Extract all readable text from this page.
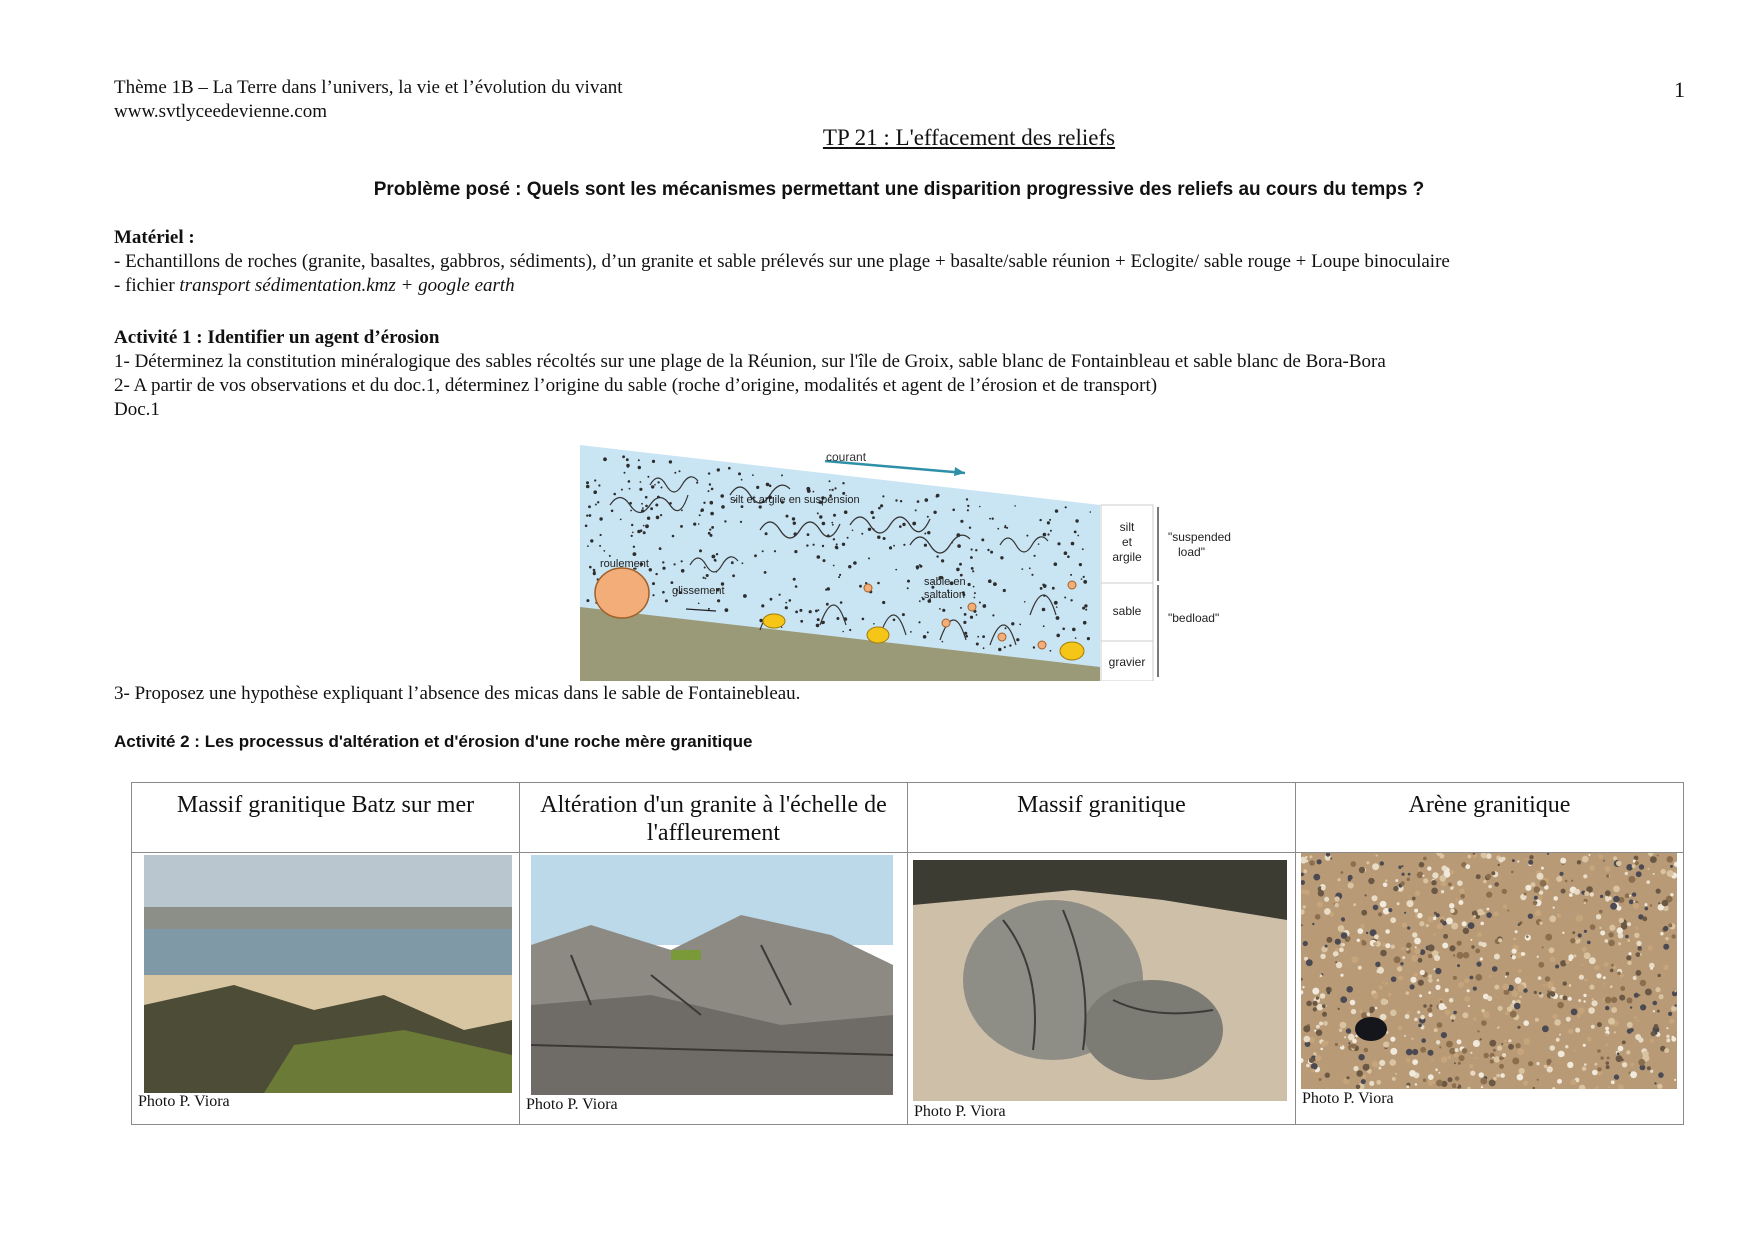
Thème 1B – La Terre dans l’univers, la vie et l’évolution du vivant
www.svtlyceedevienne.com
1
TP 21 : L'effacement des reliefs
Problème posé : Quels sont les mécanismes permettant une disparition progressive des reliefs au cours du temps ?
Matériel :
- Echantillons de roches (granite, basaltes, gabbros, sédiments), d’un granite et sable prélevés sur une plage + basalte/sable réunion + Eclogite/ sable rouge + Loupe binoculaire
- fichier transport sédimentation.kmz + google earth
Activité 1 : Identifier un agent d’érosion
1- Déterminez la constitution minéralogique des sables récoltés sur une plage de la Réunion, sur l'île de Groix, sable blanc de Fontainbleau et sable blanc de Bora-Bora
2- A partir de vos observations et du doc.1, déterminez l’origine du sable (roche d’origine, modalités et agent de l’érosion et de transport)
Doc.1
courant
silt et argile en suspension
roulement
glissement
sable en
saltation
silt
et
argile
sable
gravier
"suspended
load"
"bedload"
3- Proposez une hypothèse expliquant l’absence des micas dans le sable de Fontainebleau.
Activité 2 : Les processus d'altération et d'érosion d'une roche mère granitique
Massif granitique Batz sur mer
Photo P. Viora
Altération d'un granite à l'échelle de l'affleurement
Photo P. Viora
Massif granitique
Photo P. Viora
Arène granitique
Photo P. Viora
